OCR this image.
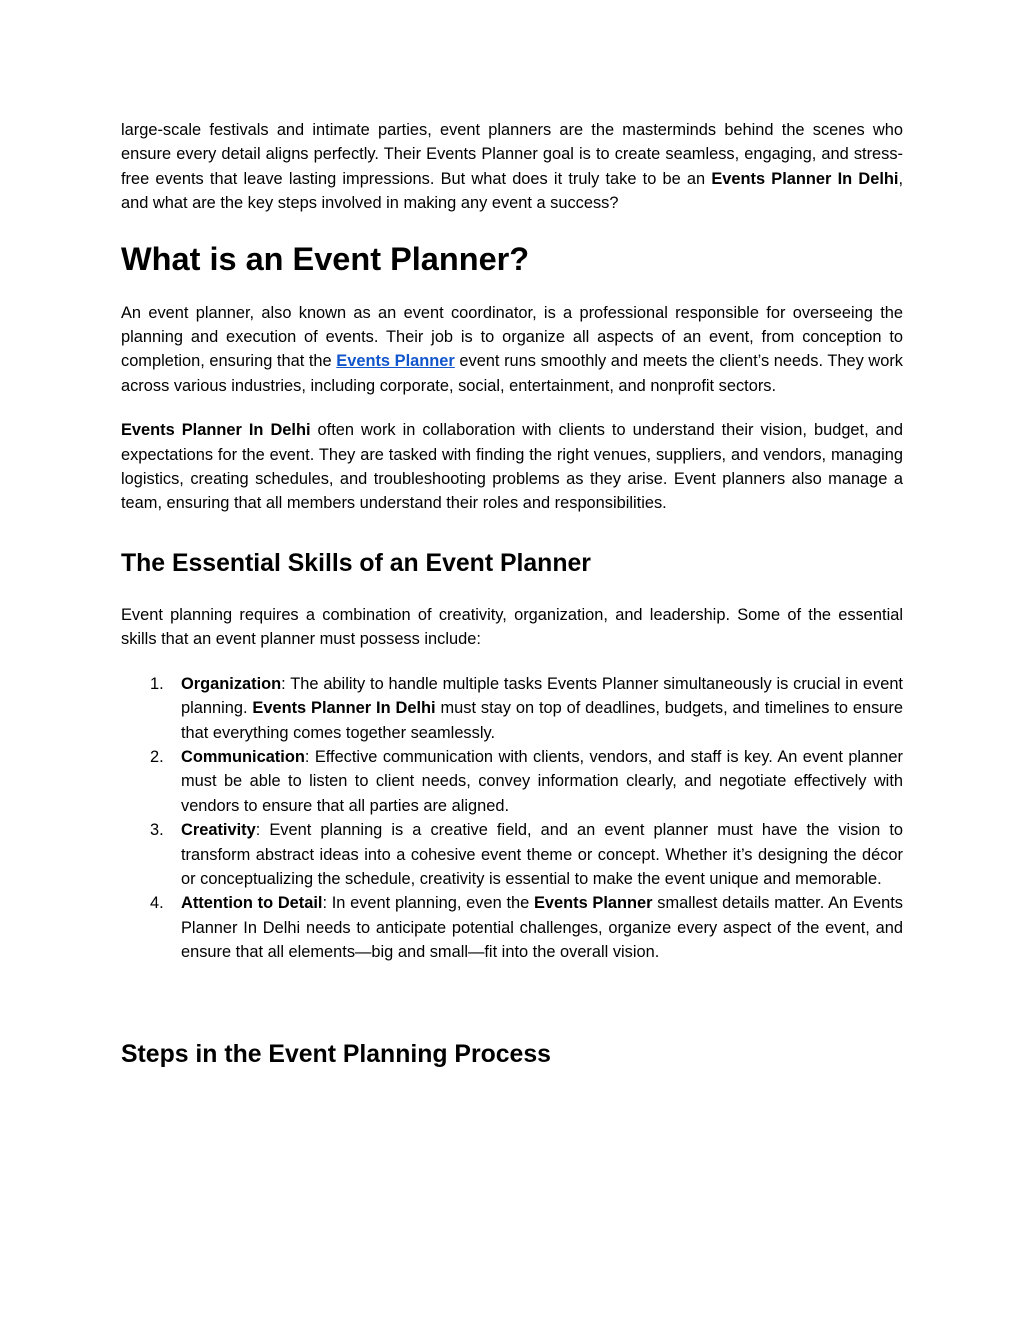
large-scale festivals and intimate parties, event planners are the masterminds behind the scenes who ensure every detail aligns perfectly. Their Events Planner goal is to create seamless, engaging, and stress-free events that leave lasting impressions. But what does it truly take to be an Events Planner In Delhi, and what are the key steps involved in making any event a success?

What is an Event Planner?

An event planner, also known as an event coordinator, is a professional responsible for overseeing the planning and execution of events. Their job is to organize all aspects of an event, from conception to completion, ensuring that the Events Planner event runs smoothly and meets the client’s needs. They work across various industries, including corporate, social, entertainment, and nonprofit sectors.

Events Planner In Delhi often work in collaboration with clients to understand their vision, budget, and expectations for the event. They are tasked with finding the right venues, suppliers, and vendors, managing logistics, creating schedules, and troubleshooting problems as they arise. Event planners also manage a team, ensuring that all members understand their roles and responsibilities.

The Essential Skills of an Event Planner

Event planning requires a combination of creativity, organization, and leadership. Some of the essential skills that an event planner must possess include:

1. Organization: The ability to handle multiple tasks Events Planner simultaneously is crucial in event planning. Events Planner In Delhi must stay on top of deadlines, budgets, and timelines to ensure that everything comes together seamlessly.
2. Communication: Effective communication with clients, vendors, and staff is key. An event planner must be able to listen to client needs, convey information clearly, and negotiate effectively with vendors to ensure that all parties are aligned.
3. Creativity: Event planning is a creative field, and an event planner must have the vision to transform abstract ideas into a cohesive event theme or concept. Whether it’s designing the décor or conceptualizing the schedule, creativity is essential to make the event unique and memorable.
4. Attention to Detail: In event planning, even the Events Planner smallest details matter. An Events Planner In Delhi needs to anticipate potential challenges, organize every aspect of the event, and ensure that all elements—big and small—fit into the overall vision.
Steps in the Event Planning Process
